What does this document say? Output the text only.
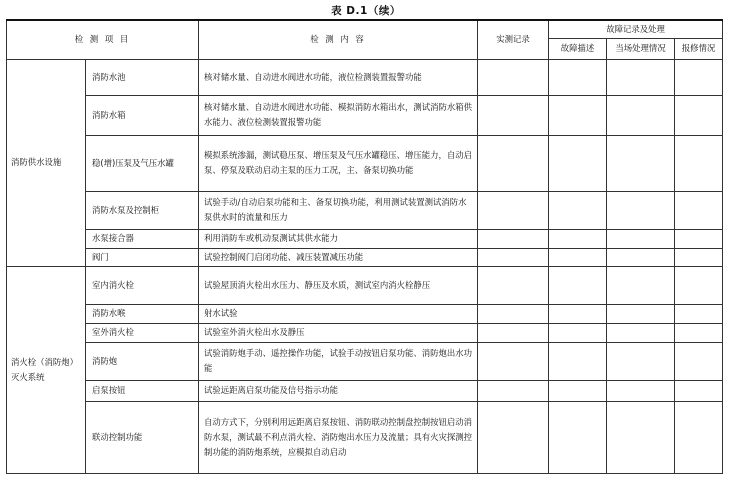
表 D.1（续）
检 测 项 目		检 测 内 容	实测记录	故障记录及处理		
				故障描述	当场处理情况	报修情况
消防供水设施	消防水池	核对储水量、自动进水阀进水功能，液位检测装置报警功能				
	消防水箱	核对储水量、自动进水阀进水功能、模拟消防水箱出水，测试消防水箱供水能力、液位检测装置报警功能				
	稳(增)压泵及气压水罐	模拟系统渗漏，测试稳压泵、增压泵及气压水罐稳压、增压能力，自动启泵、停泵及联动启动主泵的压力工况，主、备泵切换功能				
	消防水泵及控制柜	试验手动/自动启泵功能和主、备泵切换功能，利用测试装置测试消防水泵供水时的流量和压力				
	水泵接合器	利用消防车或机动泵测试其供水能力				
	阀门	试验控制阀门启闭功能、减压装置减压功能				
消火栓（消防炮）灭火系统	室内消火栓	试验屋顶消火栓出水压力、静压及水质，测试室内消火栓静压				
	消防水喉	射水试验				
	室外消火栓	试验室外消火栓出水及静压				
	消防炮	试验消防炮手动、遥控操作功能，试验手动按钮启泵功能、消防炮出水功能				
	启泵按钮	试验远距离启泵功能及信号指示功能				
	联动控制功能	自动方式下，分别利用远距离启泵按钮、消防联动控制盘控制按钮启动消防水泵，测试最不利点消火栓、消防炮出水压力及流量；具有火灾探测控制功能的消防炮系统，应模拟自动启动				
